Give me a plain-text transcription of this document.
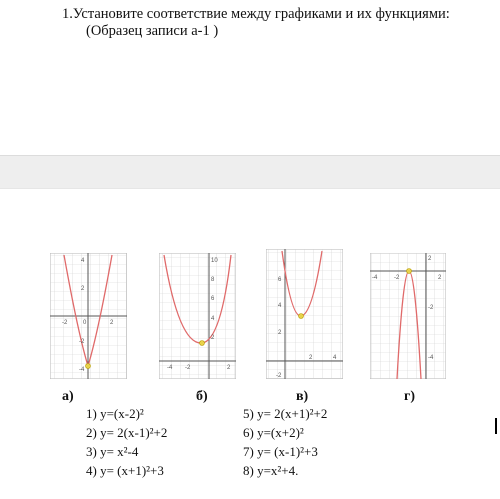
1.Установите соответствие между графиками и их функциями:
(Образец записи а-1 )
4
2
-2
-4
-2	0	2
10
8
6
4
2
-4 -2	2
6
4
2
-2
2	4
2
-2
-4
-4	-2	2
а)	б)	в)	г)
1) y=(x-2)²
2) y= 2(x-1)²+2
3) y= x²-4
4) y= (x+1)²+3
5) y= 2(x+1)²+2
6) y=(x+2)²
7) y= (x-1)²+3
8) y=x²+4.
